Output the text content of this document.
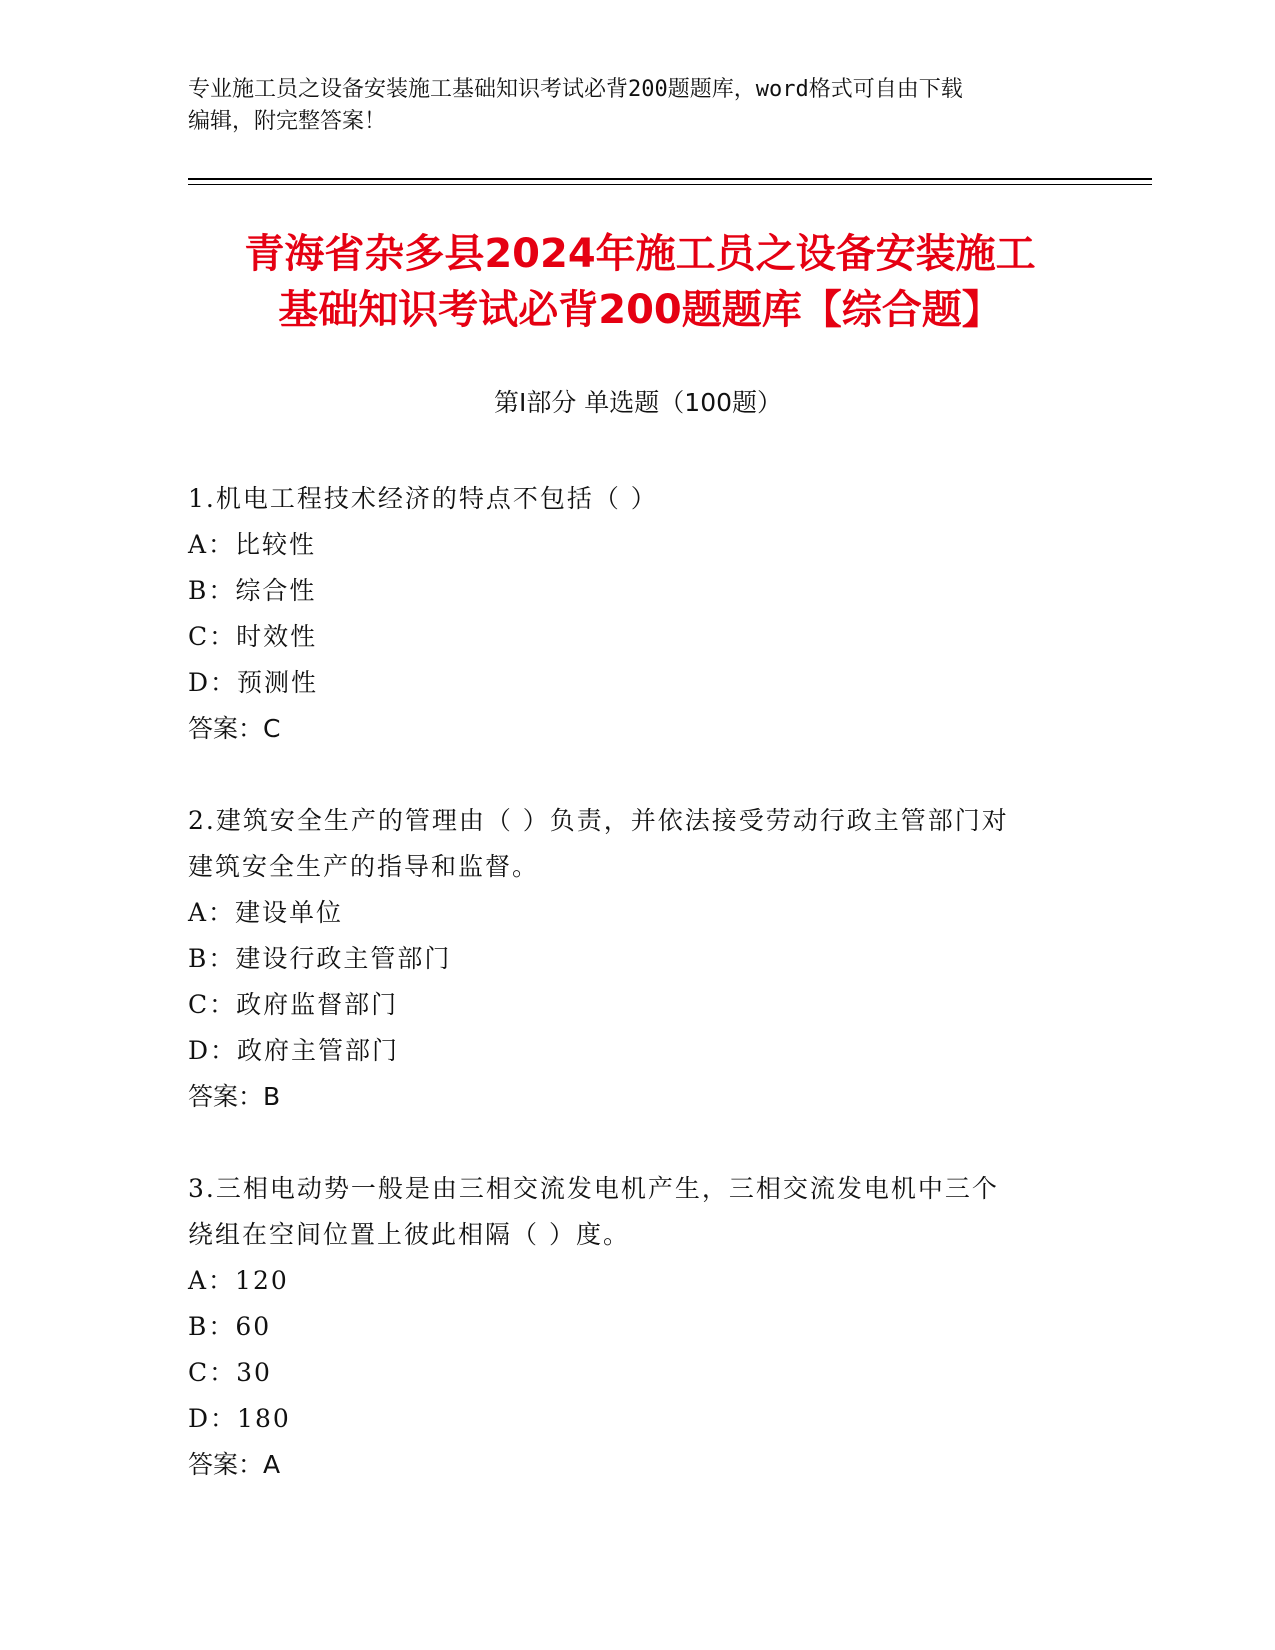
专业施工员之设备安装施工基础知识考试必背200题题库，word格式可自由下载
编辑，附完整答案！
青海省杂多县2024年施工员之设备安装施工
基础知识考试必背200题题库【综合题】
第Ⅰ部分 单选题（100题）

1.机电工程技术经济的特点不包括（ ）

A：比较性

B：综合性

C：时效性

D：预测性

答案：C

2.建筑安全生产的管理由（ ）负责，并依法接受劳动行政主管部门对

建筑安全生产的指导和监督。

A：建设单位

B：建设行政主管部门

C：政府监督部门

D：政府主管部门

答案：B

3.三相电动势一般是由三相交流发电机产生，三相交流发电机中三个

绕组在空间位置上彼此相隔（ ）度。

A：120

B：60

C：30

D：180

答案：A
